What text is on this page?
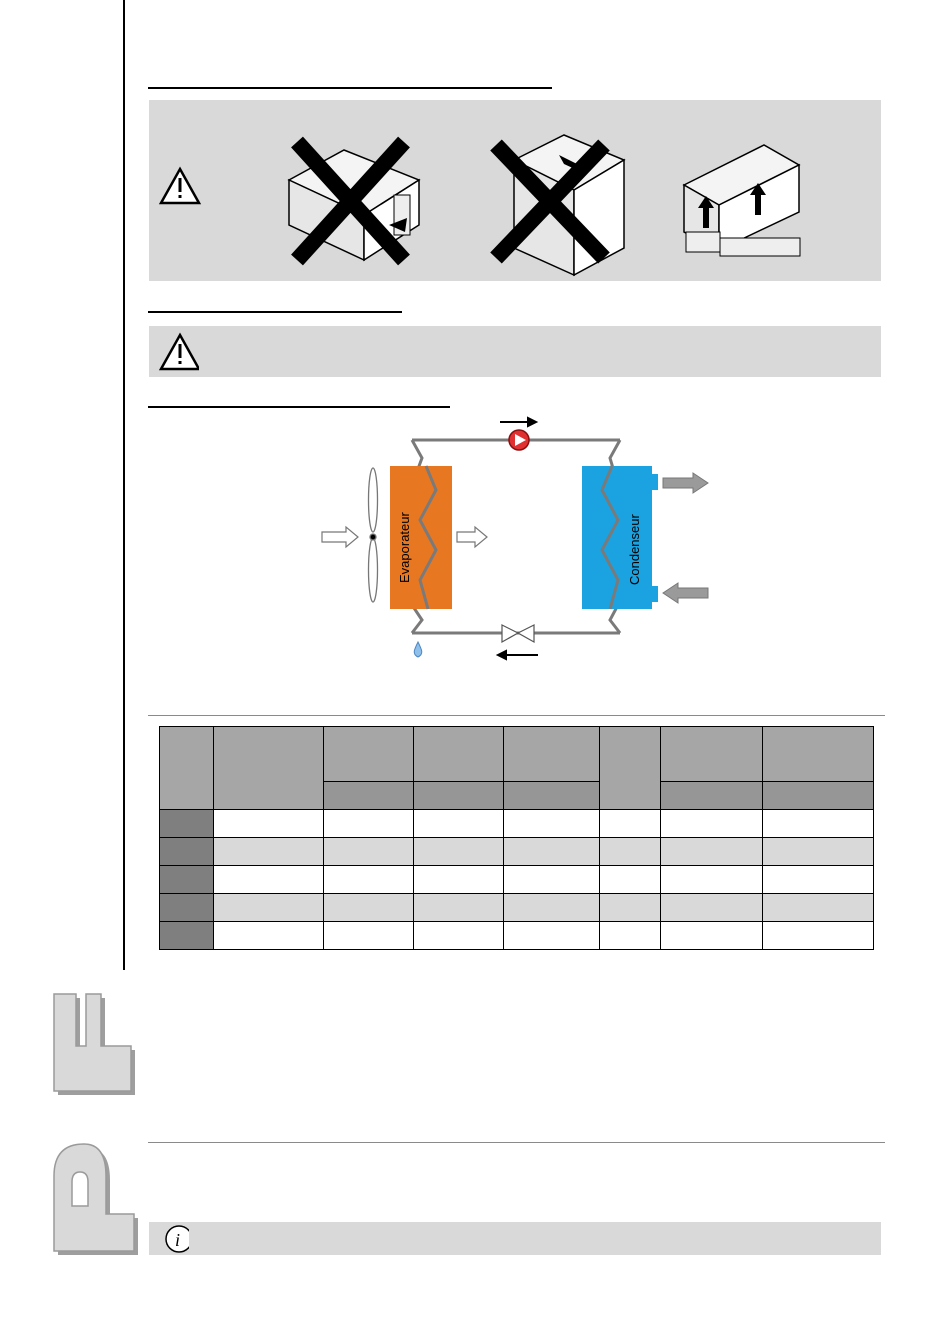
Evaporateur	Condenseur

i
